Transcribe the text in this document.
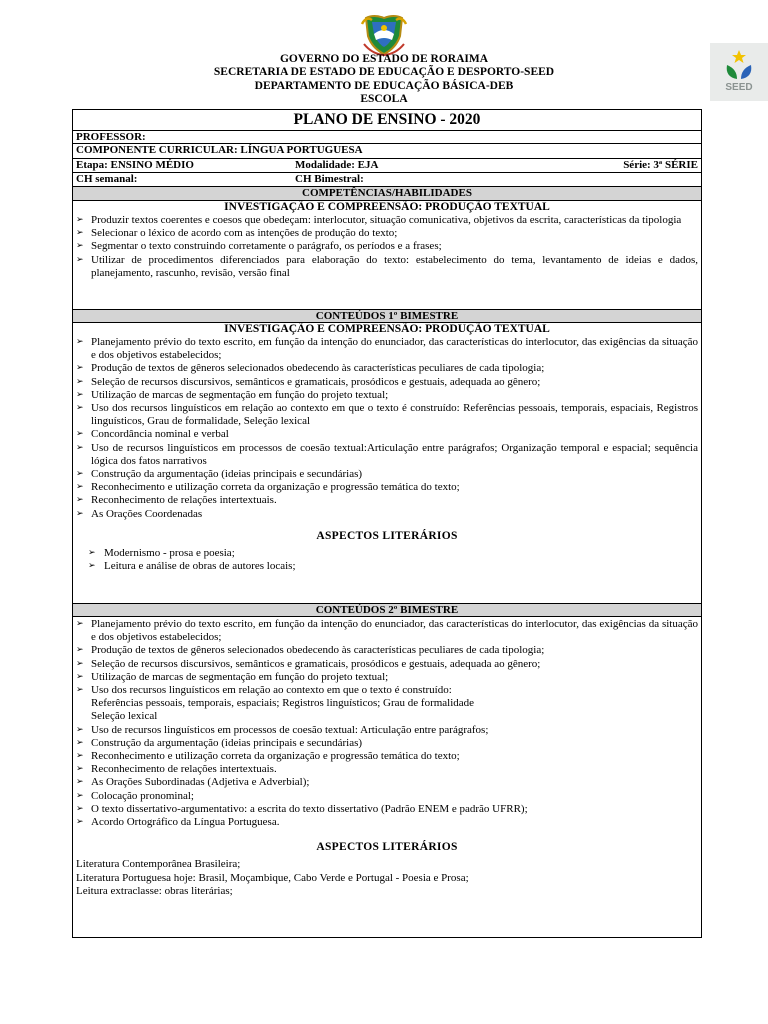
SEED
GOVERNO DO ESTADO DE RORAIMA
SECRETARIA DE ESTADO DE EDUCAÇÃO E DESPORTO-SEED
DEPARTAMENTO DE EDUCAÇÃO BÁSICA-DEB
ESCOLA
PLANO DE ENSINO - 2020
PROFESSOR:
COMPONENTE CURRICULAR: LÍNGUA PORTUGUESA
Etapa: ENSINO MÉDIO	Modalidade: EJA	Série: 3ª SÉRIE
CH semanal:	CH Bimestral:
COMPETÊNCIAS/HABILIDADES
INVESTIGAÇÃO E COMPREENSÃO: PRODUÇÃO TEXTUAL
➢ Produzir textos coerentes e coesos que obedeçam: interlocutor, situação comunicativa, objetivos da escrita, características da tipologia
➢ Selecionar o léxico de acordo com as intenções de produção do texto;
➢ Segmentar o texto construindo corretamente o parágrafo, os períodos e a frases;
➢ Utilizar de procedimentos diferenciados para elaboração do texto: estabelecimento do tema, levantamento de ideias e dados, planejamento, rascunho, revisão, versão final
CONTEÚDOS 1º BIMESTRE
INVESTIGAÇÃO E COMPREENSÃO: PRODUÇÃO TEXTUAL
➢ Planejamento prévio do texto escrito, em função da intenção do enunciador, das características do interlocutor, das exigências da situação e dos objetivos estabelecidos;
➢ Produção de textos de gêneros selecionados obedecendo às características peculiares de cada tipologia;
➢ Seleção de recursos discursivos, semânticos e gramaticais, prosódicos e gestuais, adequada ao gênero;
➢ Utilização de marcas de segmentação em função do projeto textual;
➢ Uso dos recursos linguísticos em relação ao contexto em que o texto é construído: Referências pessoais, temporais, espaciais, Registros linguísticos, Grau de formalidade, Seleção lexical
➢ Concordância nominal e verbal
➢ Uso de recursos linguísticos em processos de coesão textual:Articulação entre parágrafos; Organização temporal e espacial; sequência lógica dos fatos narrativos
➢ Construção da argumentação (ideias principais e secundárias)
➢ Reconhecimento e utilização correta da organização e progressão temática do texto;
➢ Reconhecimento de relações intertextuais.
➢ As Orações Coordenadas
ASPECTOS LITERÁRIOS
➢ Modernismo - prosa e poesia;
➢ Leitura e análise de obras de autores locais;
CONTEÚDOS 2º BIMESTRE
➢ Planejamento prévio do texto escrito, em função da intenção do enunciador, das características do interlocutor, das exigências da situação e dos objetivos estabelecidos;
➢ Produção de textos de gêneros selecionados obedecendo às características peculiares de cada tipologia;
➢ Seleção de recursos discursivos, semânticos e gramaticais, prosódicos e gestuais, adequada ao gênero;
➢ Utilização de marcas de segmentação em função do projeto textual;
➢ Uso dos recursos linguísticos em relação ao contexto em que o texto é construído:
Referências pessoais, temporais, espaciais; Registros linguísticos; Grau de formalidade
Seleção lexical
➢ Uso de recursos linguísticos em processos de coesão textual: Articulação entre parágrafos;
➢ Construção da argumentação (ideias principais e secundárias)
➢ Reconhecimento e utilização correta da organização e progressão temática do texto;
➢ Reconhecimento de relações intertextuais.
➢ As Orações Subordinadas (Adjetiva e Adverbial);
➢ Colocação pronominal;
➢ O texto dissertativo-argumentativo: a escrita do texto dissertativo (Padrão ENEM e padrão UFRR);
➢ Acordo Ortográfico da Língua Portuguesa.
ASPECTOS LITERÁRIOS
Literatura Contemporânea Brasileira;
Literatura Portuguesa hoje: Brasil, Moçambique, Cabo Verde e Portugal - Poesia e Prosa;
Leitura extraclasse: obras literárias;
